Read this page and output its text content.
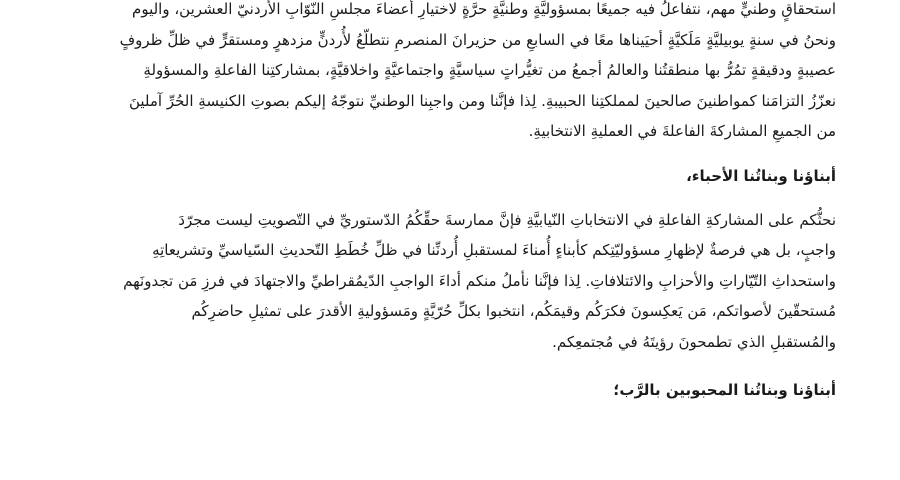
استحقاقٍ وطنيٍّ مهم، نتفاعلُ فيه جميعًا بمسؤوليَّةٍ وطنيَّةٍ حرَّةٍ لاختيارِ أعضاءَ مجلسِ النّوّابِ الأُردنيّ العشرين، واليوم
ونحنُ في سنةٍ يوبيليَّةٍ مَلَكيَّةٍ أحيَيناها معًا في السابعِ من حزيرانَ المنصرمِ نتطلّعُ لأُردنٍّ مزدهرٍ ومستقرٍّ في ظلِّ ظروفٍ
عصيبةٍ ودقيقةٍ تمُرُّ بها منطقتُنا والعالمُ أجمعُ من تغيُّراتٍ سياسيَّةٍ واجتماعيَّةٍ واخلاقيَّةٍ، بمشاركتِنا الفاعلةِ والمسؤولةِ
نعزّزُ التزامَنا كمواطنينَ صالحينَ لمملكتِنا الحبيبةِ. لِذا فإنَّنا ومن واجبِنا الوطنيِّ نتوجّهُ إليكم بصوتِ الكنيسةِ الحُرِّ آملينَ
من الجميعِ المشاركةَ الفاعلةَ في العمليةِ الانتخابيةِ.

أبناؤنا وبناتُنا الأحباء،

نحثُّكم على المشاركةِ الفاعلةِ في الانتخاباتِ النّيابيَّةِ فإنَّ ممارسةَ حقِّكُمُ الدّستوريِّ في التّصويتِ ليست مجرّدَ
واجبٍ، بل هي فرصةٌ لإظهارِ مسؤوليّتِكم كأبناءٍ أُمناءَ لمستقبلِ أُردنِّنا في ظلِّ خُطَطِ التّحديثِ السّياسيِّ وتشريعاتِهِ
واستحداثِ التّيّاراتِ والأحزابِ والائتلافاتِ. لِذا فإنَّنا نأملُ منكم أداءَ الواجبِ الدّيمُقراطيِّ والاجتهادَ في فرزِ مَن تجدونَهم
مُستحقّينَ لأصواتكم، مَن يَعكِسونَ فكرَكُم وقيمَكُم، انتخبوا بكلِّ حُرّيَّةٍ ومَسؤوليةِ الأقدرَ على تمثيلِ حاضرِكُم
والمُستقبلِ الذي تطمحونَ رؤيتَهُ في مُجتمعِكم.

أبناؤنا وبناتُنا المحبوبين بالرَّب؛
